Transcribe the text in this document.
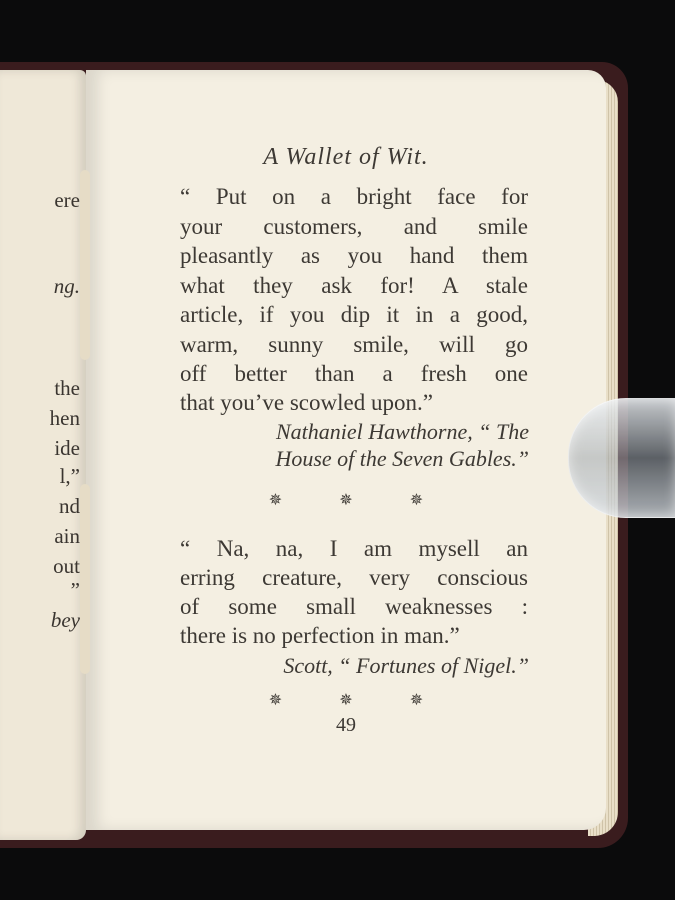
ere
ng.
the
hen
ide
l,”
nd
ain
out
”
bey
A Wallet of Wit.
“ Put on a bright face for
your customers, and smile
pleasantly as you hand them
what they ask for! A stale
article, if you dip it in a good,
warm, sunny smile, will go
off better than a fresh one
that you’ve scowled upon.”
Nathaniel Hawthorne, “ The
House of the Seven Gables.”
✵	✵	✵
“ Na, na, I am mysell an
erring creature, very conscious
of some small weaknesses :
there is no perfection in man.”
Scott, “ Fortunes of Nigel.”
✵	✵	✵
49
